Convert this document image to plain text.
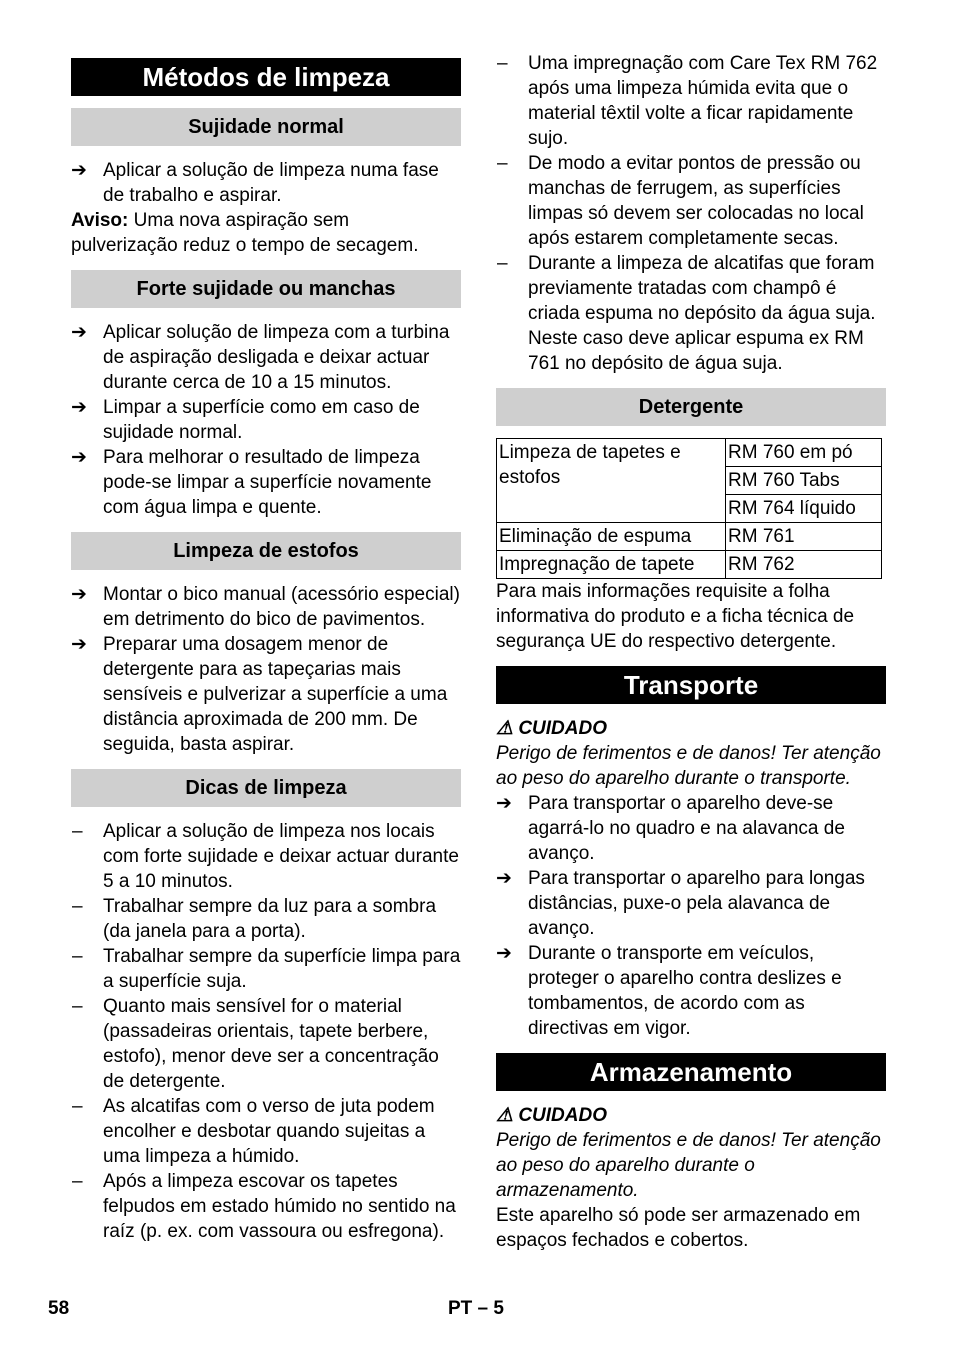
Métodos de limpeza
Sujidade normal
➔ Aplicar a solução de limpeza numa fase de trabalho e aspirar.
Aviso: Uma nova aspiração sem pulverização reduz o tempo de secagem.
Forte sujidade ou manchas
➔ Aplicar solução de limpeza com a turbina de aspiração desligada e deixar actuar durante cerca de 10 a 15 minutos.
➔ Limpar a superfície como em caso de sujidade normal.
➔ Para melhorar o resultado de limpeza pode-se limpar a superfície novamente com água limpa e quente.
Limpeza de estofos
➔ Montar o bico manual (acessório especial) em detrimento do bico de pavimentos.
➔ Preparar uma dosagem menor de detergente para as tapeçarias mais sensíveis e pulverizar a superfície a uma distância aproximada de 200 mm. De seguida, basta aspirar.
Dicas de limpeza
–	Aplicar a solução de limpeza nos locais com forte sujidade e deixar actuar durante 5 a 10 minutos.
–	Trabalhar sempre da luz para a sombra (da janela para a porta).
–	Trabalhar sempre da superfície limpa para a superfície suja.
–	Quanto mais sensível for o material (passadeiras orientais, tapete berbere, estofo), menor deve ser a concentração de detergente.
–	As alcatifas com o verso de juta podem encolher e desbotar quando sujeitas a uma limpeza a húmido.
–	Após a limpeza escovar os tapetes felpudos em estado húmido no sentido na raíz (p. ex. com vassoura ou esfregona).
–	Uma impregnação com Care Tex RM 762 após uma limpeza húmida evita que o material têxtil volte a ficar rapidamente sujo.
–	De modo a evitar pontos de pressão ou manchas de ferrugem, as superfícies limpas só devem ser colocadas no local após estarem completamente secas.
–	Durante a limpeza de alcatifas que foram previamente tratadas com champô é criada espuma no depósito da água suja. Neste caso deve aplicar espuma ex RM 761 no depósito de água suja.
Detergente
Limpeza de tapetes e estofos	RM 760 em pó
	RM 760 Tabs
	RM 764 líquido
Eliminação de espuma	RM 761
Impregnação de tapete	RM 762
Para mais informações requisite a folha informativa do produto e a ficha técnica de segurança UE do respectivo detergente.
Transporte
⚠ CUIDADO
Perigo de ferimentos e de danos! Ter atenção ao peso do aparelho durante o transporte.
➔ Para transportar o aparelho deve-se agarrá-lo no quadro e na alavanca de avanço.
➔ Para transportar o aparelho para longas distâncias, puxe-o pela alavanca de avanço.
➔ Durante o transporte em veículos, proteger o aparelho contra deslizes e tombamentos, de acordo com as directivas em vigor.
Armazenamento
⚠ CUIDADO
Perigo de ferimentos e de danos! Ter atenção ao peso do aparelho durante o armazenamento.
Este aparelho só pode ser armazenado em espaços fechados e cobertos.
58	PT – 5
